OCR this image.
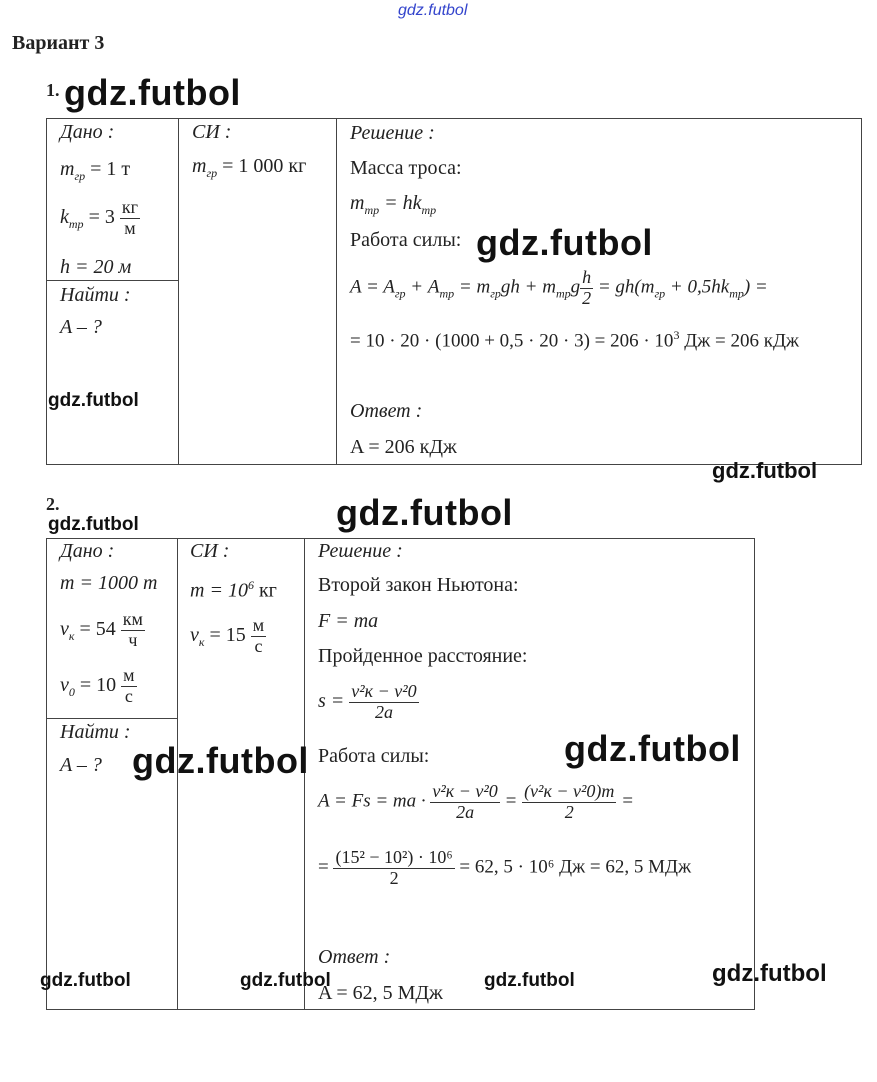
gdz.futbol
Вариант 3
1. gdz.futbol
Дано :
$m_{гр} = 1$ т
$k_{тр} = 3 \frac{кг}{м}$
h = 20 м
Найти :
A – ?
СИ :
$m_{гр} = 1$ 000 кг
Решение :
Масса троса:
$m_{тр} = hk_{тр}$
Работа силы: gdz.futbol
$A = A_{гр} + A_{тр} = m_{гр}gh + m_{тр}g \frac{h}{2} = gh(m_{гр} + 0,5hk_{тр})$ =
= $10 \cdot 20 \cdot (1000 + 0,5 \cdot 20 \cdot 3) = 206 \cdot 10^3$ Дж = 206 кДж
Ответ :
A = 206 кДж
gdz.futbol
gdz.futbol
2.
gdz.futbol	gdz.futbol
Дано :
m = 1000 т
$v_к = 54 \frac{км}{ч}$
$v_0 = 10 \frac{м}{с}$
Найти :
A – ?
СИ :
$m = 10^6$ кг
$v_к = 15 \frac{м}{с}$
Решение :
Второй закон Ньютона:
F = ma
Пройденное расстояние:
$s = \frac{\text{v²к − v²0}}{2a}$
Работа силы:	gdz.futbol
gdz.futbol
A = Fs = ma · $\frac{\text{v²к − v²0}}{2a} = \frac{\text{(v²к − v²0)m}}{2}$ =
= $\frac{\text{(15² − 10²) · 10⁶}}{2} = 62$, 5 · 10⁶ Дж = 62, 5 МДж
Ответ :
A = 62, 5 МДж
gdz.futbol	gdz.futbol	gdz.futbol	gdz.futbol
